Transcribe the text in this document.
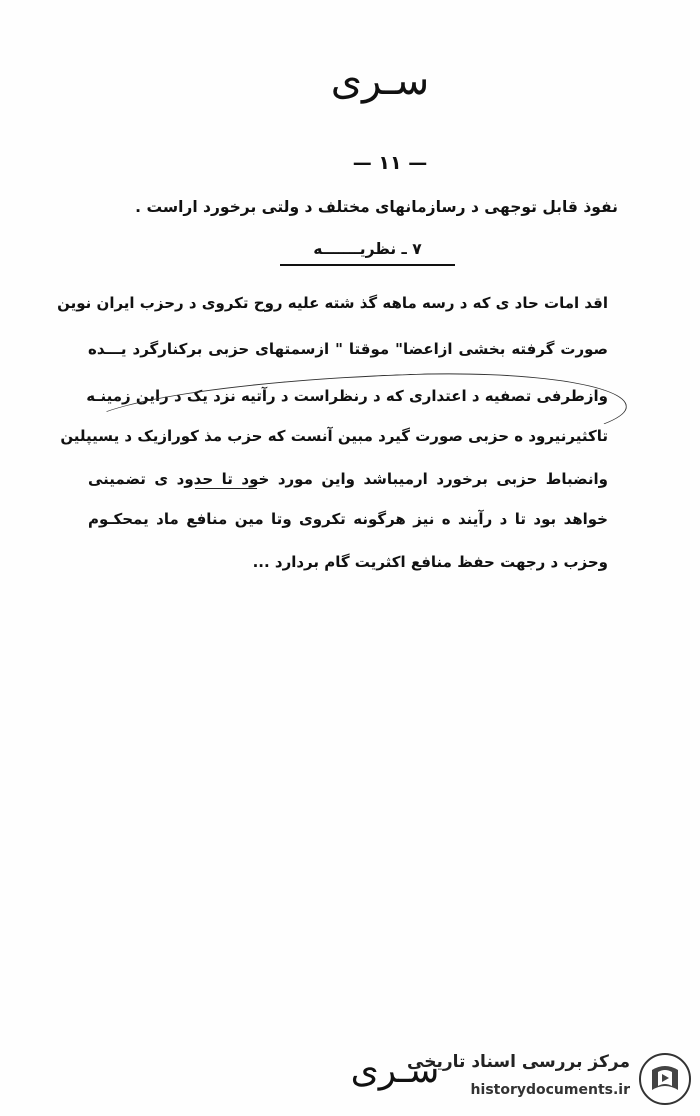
سـری
— ۱۱ —
نفوذ قابل توجهی د رسازمانهای مختلف د ولتی برخورد اراست .
۷ ـ نظریـــــــه
اقد امات حاد ی که د رسه ماهه گذ شته علیه روح تکروی د رحزب ایران نوین
صورت گرفته بخشی ازاعضا" موقتا " ازسمتهای حزبی برکنارگرد یـــده
وازطرفی تصفیه د اعتداری که د رنظراست د رآتیه نزد یک د راین زمینـه
تاکثیرنیرود ه حزبی صورت گیرد مبین آنست که حزب مذ کورازیک د یسیپلین
وانضباط حزبی برخورد ارمیباشد واین مورد خود تا حدود ی تضمینی
خواهد بود تا د رآیند ه نیز هرگونه تکروی وتا مین منافع ماد یمحکـوم
وحزب د رجهت حفظ منافع اکثریت گام بردارد ...
سـری
مرکز بررسی اسناد تاریخی
historydocuments.ir
